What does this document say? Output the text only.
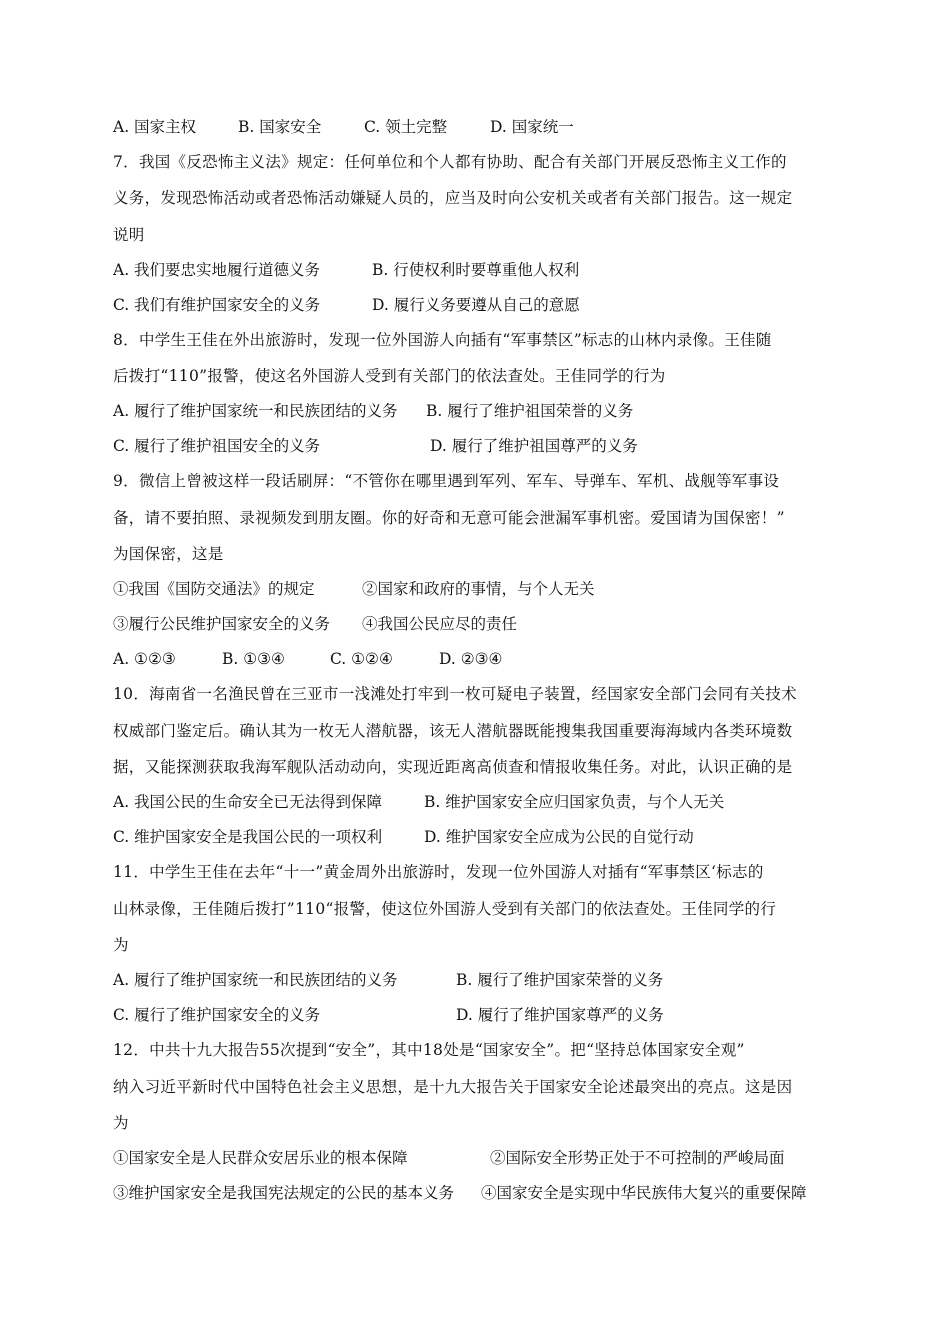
A. 国家主权	B. 国家安全	C. 领土完整	D. 国家统一
7．我国《反恐怖主义法》规定：任何单位和个人都有协助、配合有关部门开展反恐怖主义工作的
义务，发现恐怖活动或者恐怖活动嫌疑人员的，应当及时向公安机关或者有关部门报告。这一规定
说明
A. 我们要忠实地履行道德义务	B. 行使权利时要尊重他人权利
C. 我们有维护国家安全的义务	D. 履行义务要遵从自己的意愿
8．中学生王佳在外出旅游时，发现一位外国游人向插有“军事禁区”标志的山林内录像。王佳随
后拨打“110”报警，使这名外国游人受到有关部门的依法查处。王佳同学的行为
A. 履行了维护国家统一和民族团结的义务 B. 履行了维护祖国荣誉的义务
C. 履行了维护祖国安全的义务	D. 履行了维护祖国尊严的义务
9．微信上曾被这样一段话刷屏：“不管你在哪里遇到军列、军车、导弹车、军机、战舰等军事设
备，请不要拍照、录视频发到朋友圈。你的好奇和无意可能会泄漏军事机密。爱国请为国保密！”
为国保密，这是
①我国《国防交通法》的规定	②国家和政府的事情，与个人无关
③履行公民维护国家安全的义务 ④我国公民应尽的责任
A. ①②③	B. ①③④	C. ①②④	D. ②③④
10．海南省一名渔民曾在三亚市一浅滩处打牢到一枚可疑电子装置，经国家安全部门会同有关技术
权威部门鉴定后。确认其为一枚无人潜航器，该无人潜航器既能搜集我国重要海海域内各类环境数
据，又能探测获取我海军舰队活动动向，实现近距离高侦查和情报收集任务。对此，认识正确的是
A. 我国公民的生命安全已无法得到保障	B. 维护国家安全应归国家负责，与个人无关
C. 维护国家安全是我国公民的一项权利	D. 维护国家安全应成为公民的自觉行动
11．中学生王佳在去年“十一”黄金周外出旅游时，发现一位外国游人对插有“军事禁区‘标志的
山林录像，王佳随后拨打”110“报警，使这位外国游人受到有关部门的依法查处。王佳同学的行
为
A. 履行了维护国家统一和民族团结的义务	B. 履行了维护国家荣誉的义务
C. 履行了维护国家安全的义务	D. 履行了维护国家尊严的义务
12．中共十九大报告55次提到“安全”，其中18处是“国家安全”。把“坚持总体国家安全观”
纳入习近平新时代中国特色社会主义思想，是十九大报告关于国家安全论述最突出的亮点。这是因
为
①国家安全是人民群众安居乐业的根本保障	②国际安全形势正处于不可控制的严峻局面
③维护国家安全是我国宪法规定的公民的基本义务 ④国家安全是实现中华民族伟大复兴的重要保障
